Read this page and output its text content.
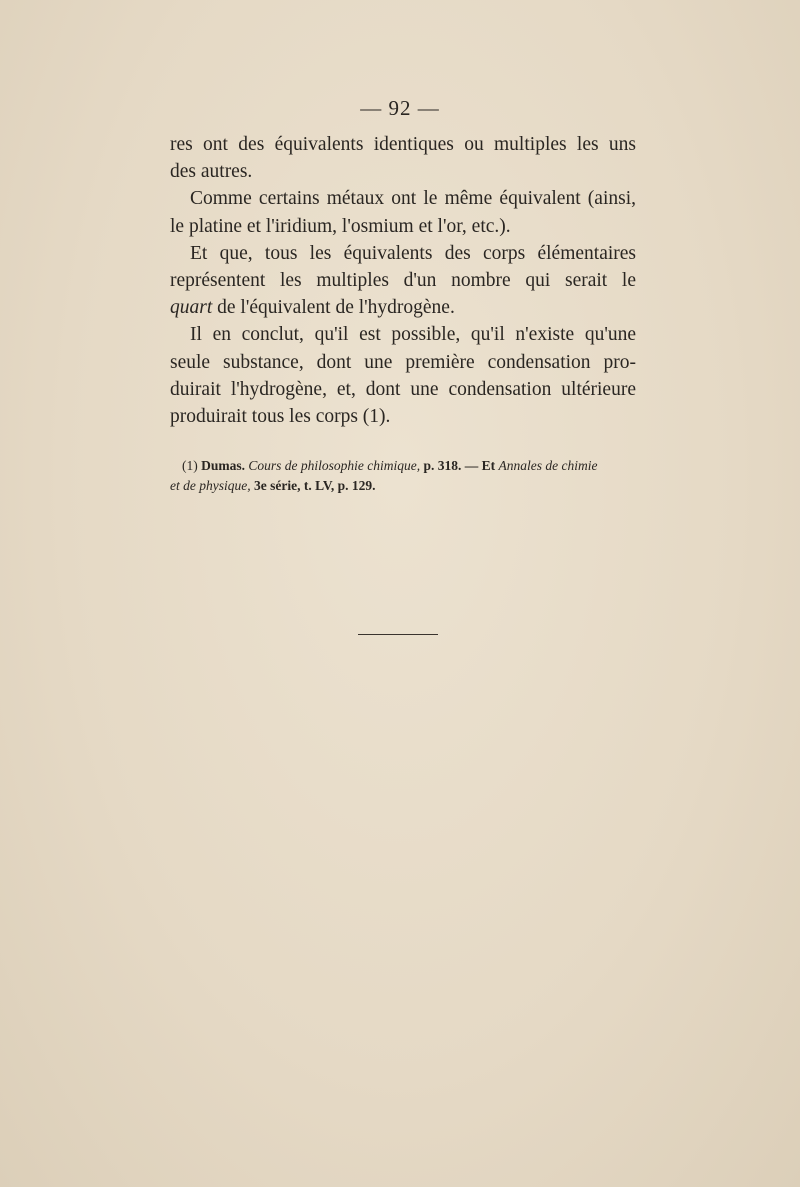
— 92 —

res ont des équivalents identiques ou multiples les uns
des autres.

Comme certains métaux ont le même équivalent (ainsi,
le platine et l'iridium, l'osmium et l'or, etc.).

Et que, tous les équivalents des corps élémentaires
représentent les multiples d'un nombre qui serait le
quart de l'équivalent de l'hydrogène.

Il en conclut, qu'il est possible, qu'il n'existe qu'une
seule substance, dont une première condensation pro-
duirait l'hydrogène, et, dont une condensation ultérieure
produirait tous les corps (1).

(1) Dumas. Cours de philosophie chimique, p. 318. — Et Annales de chimie
et de physique, 3e série, t. LV, p. 129.
